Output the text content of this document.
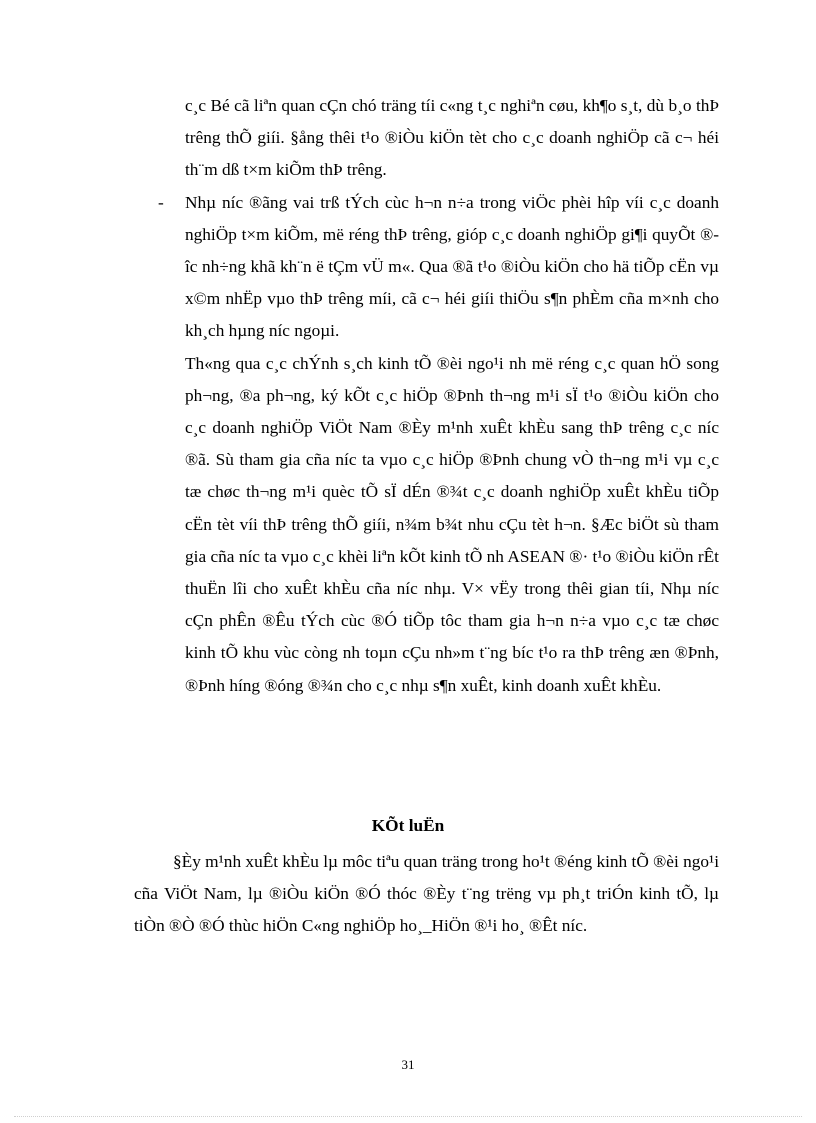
c¸c Bé cã liªn quan cÇn chó träng tíi c«ng t¸c nghiªn cøu, kh¶o s¸t, dù b¸o thÞ trêng thÕ giíi. §ång thêi t¹o ®iÒu kiÖn tèt cho c¸c doanh nghiÖp cã c¬ héi th¨m dß t×m kiÕm thÞ trêng.

- Nhµ níc ®ãng vai trß tÝch cùc h¬n n÷a trong viÖc phèi hîp víi c¸c doanh nghiÖp t×m kiÕm, më réng thÞ trêng, gióp c¸c doanh nghiÖp gi¶i quyÕt ®îc nh÷ng khã kh¨n ë tÇm vÜ m«. Qua ®ã t¹o ®iÒu kiÖn cho hä tiÕp cËn vµ x©m nhËp vµo thÞ trêng míi, cã c¬ héi giíi thiÖu s¶n phÈm cña m×nh cho kh¸ch hµng níc ngoµi.

Th«ng qua c¸c chÝnh s¸ch kinh tÕ ®èi ngo¹i nh më réng c¸c quan hÖ song ph¬ng, ®a ph¬ng, ký kÕt c¸c hiÖp ®Þnh th¬ng m¹i sÏ t¹o ®iÒu kiÖn cho c¸c doanh nghiÖp ViÖt Nam ®Èy m¹nh xuÊt khÈu sang thÞ trêng c¸c níc ®ã. Sù tham gia cña níc ta vµo c¸c hiÖp ®Þnh chung vÒ th¬ng m¹i vµ c¸c tæ chøc th¬ng m¹i quèc tÕ sÏ dÉn ®¾t c¸c doanh nghiÖp xuÊt khÈu tiÕp cËn tèt víi thÞ trêng thÕ giíi, n¾m b¾t nhu cÇu tèt h¬n. §Æc biÖt sù tham gia cña níc ta vµo c¸c khèi liªn kÕt kinh tÕ nh ASEAN ®· t¹o ®iÒu kiÖn rÊt thuËn lîi cho xuÊt khÈu cña níc nhµ. V× vËy trong thêi gian tíi, Nhµ níc cÇn phÊn ®Êu tÝch cùc ®Ó tiÕp tôc tham gia h¬n n÷a vµo c¸c tæ chøc kinh tÕ khu vùc còng nh toµn cÇu nh»m t¨ng bíc t¹o ra thÞ trêng æn ®Þnh, ®Þnh híng ®óng ®¾n cho c¸c nhµ s¶n xuÊt, kinh doanh xuÊt khÈu.

KÕt luËn

§Èy m¹nh xuÊt khÈu lµ môc tiªu quan träng trong ho¹t ®éng kinh tÕ ®èi ngo¹i cña ViÖt Nam, lµ ®iÒu kiÖn ®Ó thóc ®Èy t¨ng trëng vµ ph¸t triÓn kinh tÕ, lµ tiÒn ®Ò ®Ó thùc hiÖn C«ng nghiÖp ho¸_HiÖn ®¹i ho¸ ®Êt níc.

31
